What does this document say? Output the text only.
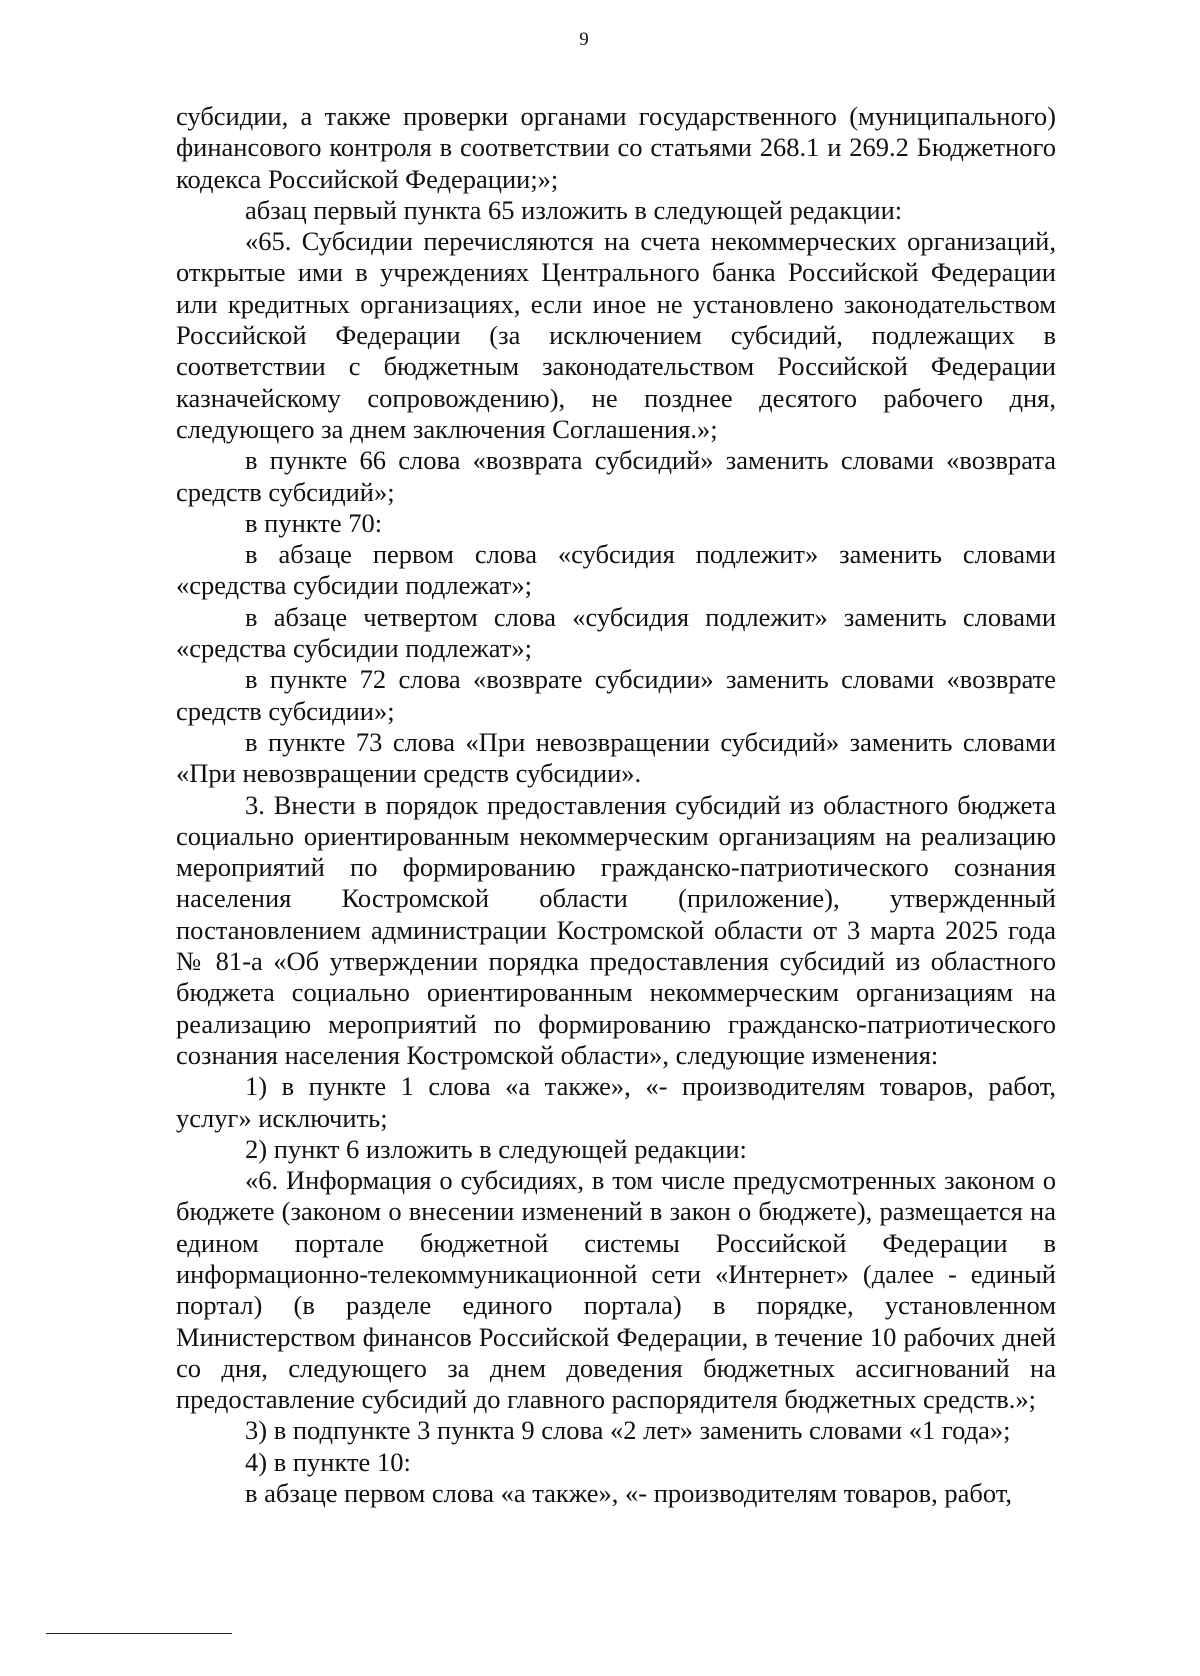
9

субсидии, а также проверки органами государственного (муниципального) финансового контроля в соответствии со статьями 268.1 и 269.2 Бюджетного кодекса Российской Федерации;»;

абзац первый пункта 65 изложить в следующей редакции:

«65. Субсидии перечисляются на счета некоммерческих организаций, открытые ими в учреждениях Центрального банка Российской Федерации или кредитных организациях, если иное не установлено законодательством Российской Федерации (за исключением субсидий, подлежащих в соответствии с бюджетным законодательством Российской Федерации казначейскому сопровождению), не позднее десятого рабочего дня, следующего за днем заключения Соглашения.»;

в пункте 66 слова «возврата субсидий» заменить словами «возврата средств субсидий»;

в пункте 70:

в абзаце первом слова «субсидия подлежит» заменить словами «средства субсидии подлежат»;

в абзаце четвертом слова «субсидия подлежит» заменить словами «средства субсидии подлежат»;

в пункте 72 слова «возврате субсидии» заменить словами «возврате средств субсидии»;

в пункте 73 слова «При невозвращении субсидий» заменить словами «При невозвращении средств субсидии».

3. Внести в порядок предоставления субсидий из областного бюджета социально ориентированным некоммерческим организациям на реализацию мероприятий по формированию гражданско-патриотического сознания населения Костромской области (приложение), утвержденный постановлением администрации Костромской области от 3 марта 2025 года № 81-а «Об утверждении порядка предоставления субсидий из областного бюджета социально ориентированным некоммерческим организациям на реализацию мероприятий по формированию гражданско-патриотического сознания населения Костромской области», следующие изменения:

1) в пункте 1 слова «а также», «- производителям товаров, работ, услуг» исключить;

2) пункт 6 изложить в следующей редакции:

«6. Информация о субсидиях, в том числе предусмотренных законом о бюджете (законом о внесении изменений в закон о бюджете), размещается на едином портале бюджетной системы Российской Федерации в информационно-телекоммуникационной сети «Интернет» (далее - единый портал) (в разделе единого портала) в порядке, установленном Министерством финансов Российской Федерации, в течение 10 рабочих дней со дня, следующего за днем доведения бюджетных ассигнований на предоставление субсидий до главного распорядителя бюджетных средств.»;

3) в подпункте 3 пункта 9 слова «2 лет» заменить словами «1 года»;

4) в пункте 10:

в абзаце первом слова «а также», «- производителям товаров, работ,
